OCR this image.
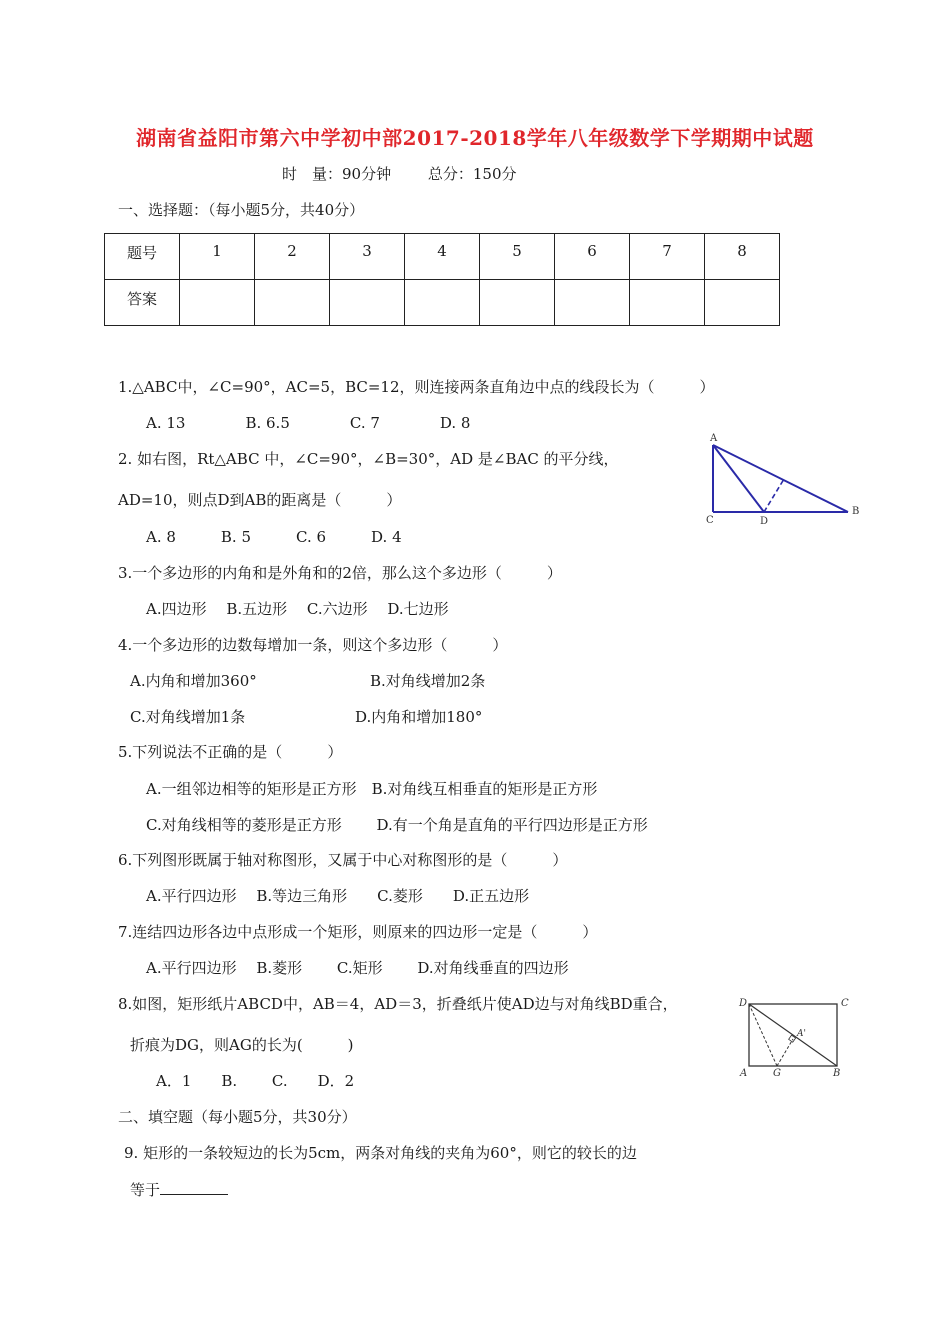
湖南省益阳市第六中学初中部2017-2018学年八年级数学下学期期中试题
时　量：90分钟 总分：150分
一、选择题：（每小题5分，共40分）
题号	1	2	3	4	5	6	7	8
答案								
1.△ABC中，∠C=90°，AC=5，BC=12，则连接两条直角边中点的线段长为（　　　）
A. 13　　　　B. 6.5　　　　C. 7　　　　D. 8
2. 如右图，Rt△ABC 中，∠C=90°，∠B=30°，AD 是∠BAC 的平分线，
AD=10，则点D到AB的距离是（　　　）
A. 8　　　B. 5　　　C. 6　　　D. 4
A
C	D
B
3.一个多边形的内角和是外角和的2倍，那么这个多边形（　　　）
A.四边形　 B.五边形　 C.六边形　 D.七边形
4.一个多边形的边数每增加一条，则这个多边形（　　　）
A.内角和增加360°	B.对角线增加2条
C.对角线增加1条	D.内角和增加180°
5.下列说法不正确的是（　　　）
A.一组邻边相等的矩形是正方形　B.对角线互相垂直的矩形是正方形
C.对角线相等的菱形是正方形　　 D.有一个角是直角的平行四边形是正方形
6.下列图形既属于轴对称图形，又属于中心对称图形的是（　　　）
A.平行四边形　 B.等边三角形　　C.菱形　　D.正五边形
7.连结四边形各边中点形成一个矩形，则原来的四边形一定是（　　　）
A.平行四边形　 B.菱形　　 C.矩形　　 D.对角线垂直的四边形
8.如图，矩形纸片ABCD中，AB＝4，AD＝3，折叠纸片使AD边与对角线BD重合，
折痕为DG，则AG的长为(　　　)
A．1　　B.　　 C.　　D．2
D	C
A	G	B
A'
二、填空题（每小题5分，共30分）
9. 矩形的一条较短边的长为5cm，两条对角线的夹角为60°，则它的较长的边
等于
